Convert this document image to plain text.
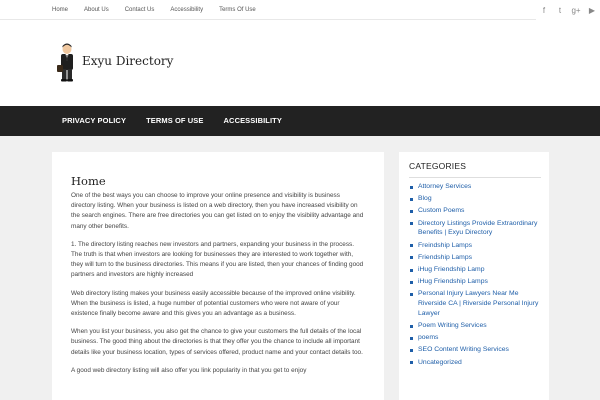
Home	About Us	Contact Us	Accessibility	Terms Of Use	f	t	g+	▶
Exyu Directory
PRIVACY POLICY	TERMS OF USE	ACCESSIBILITY
Home

One of the best ways you can choose to improve your online presence and visibility is business directory listing. When your business is listed on a web directory, then you have increased visibility on the search engines. There are free directories you can get listed on to enjoy the visibility advantage and many other benefits.

1. The directory listing reaches new investors and partners, expanding your business in the process. The truth is that when investors are looking for businesses they are interested to work together with, they will turn to the business directories. This means if you are listed, then your chances of finding good partners and investors are highly increased

Web directory listing makes your business easily accessible because of the improved online visibility. When the business is listed, a huge number of potential customers who were not aware of your existence finally become aware and this gives you an advantage as a business.

When you list your business, you also get the chance to give your customers the full details of the local business. The good thing about the directories is that they offer you the chance to include all important details like your business location, types of services offered, product name and your contact details too.

A good web directory listing will also offer you link popularity in that you get to enjoy

CATEGORIES
Attorney Services
Blog
Custom Poems
Directory Listings Provide Extraordinary Benefits | Exyu Directory
Freindship Lamps
Friendship Lamps
iHug Friendship Lamp
iHug Friendship Lamps
Personal Injury Lawyers Near Me Riverside CA | Riverside Personal Injury Lawyer
Poem Writing Services
poems
SEO Content Writing Services
Uncategorized
